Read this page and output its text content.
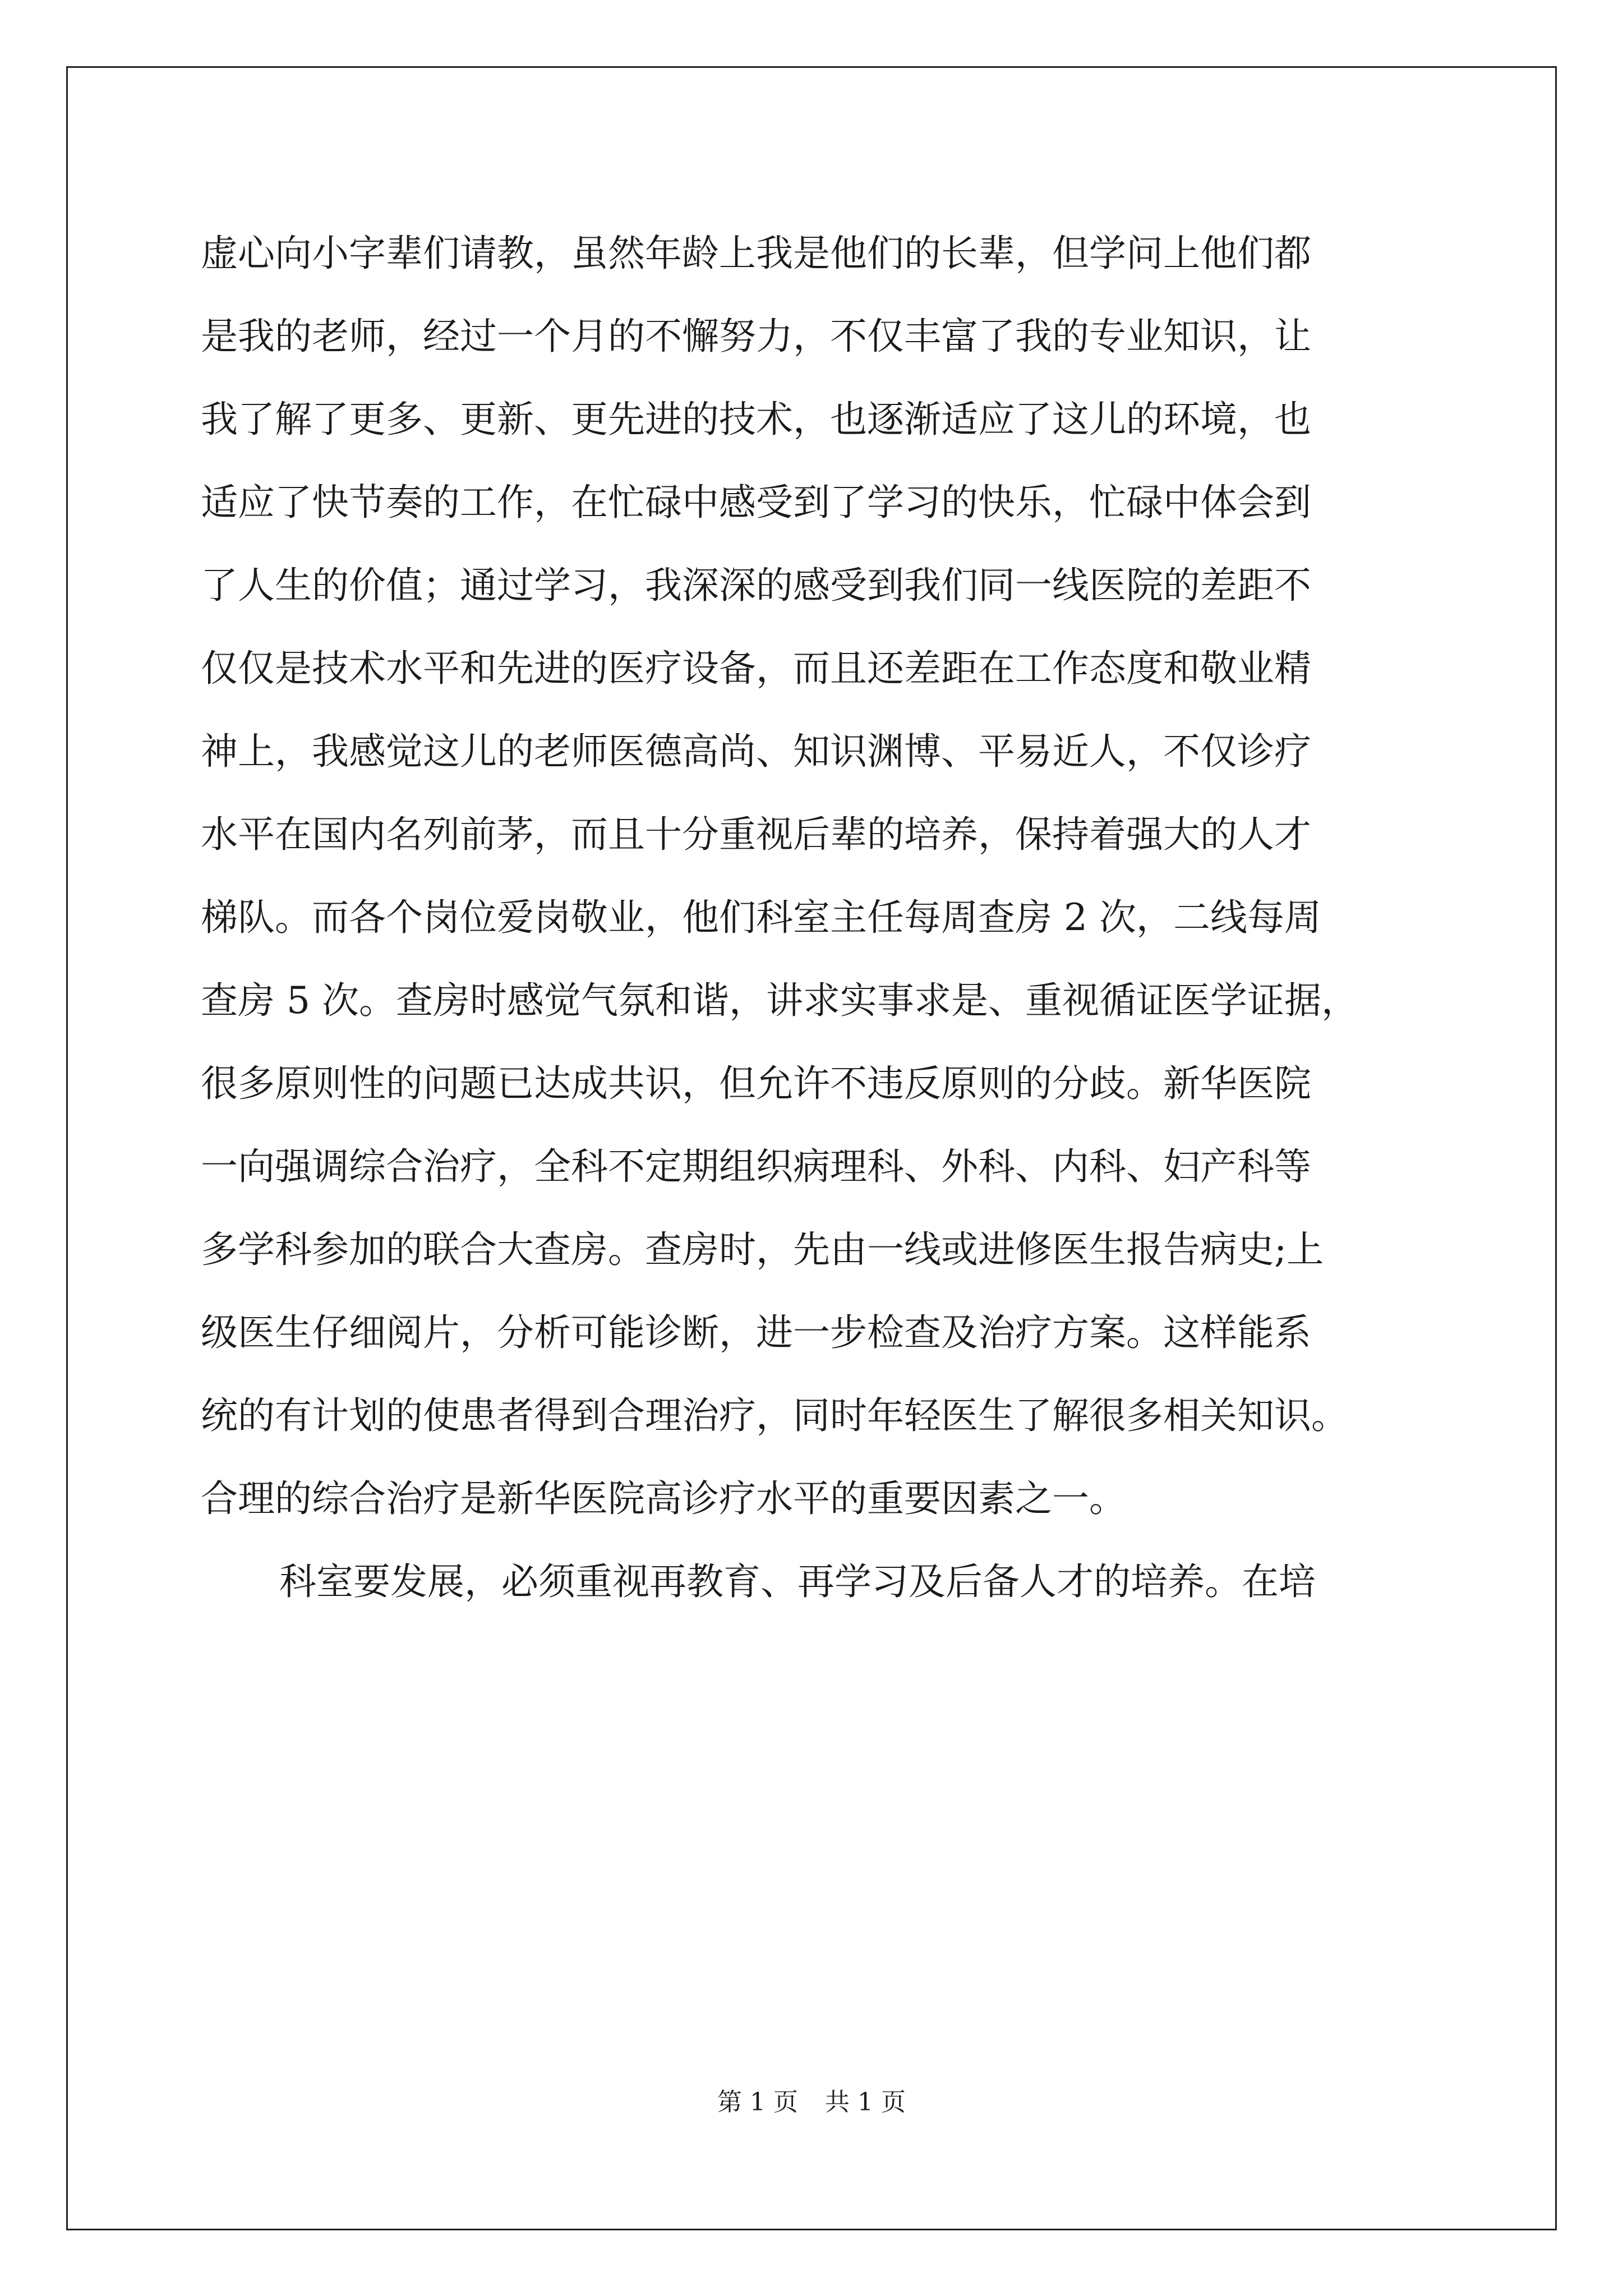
虚心向小字辈们请教，虽然年龄上我是他们的长辈，但学问上他们都
是我的老师，经过一个月的不懈努力，不仅丰富了我的专业知识，让
我了解了更多、更新、更先进的技术，也逐渐适应了这儿的环境，也
适应了快节奏的工作，在忙碌中感受到了学习的快乐，忙碌中体会到
了人生的价值；通过学习，我深深的感受到我们同一线医院的差距不
仅仅是技术水平和先进的医疗设备，而且还差距在工作态度和敬业精
神上，我感觉这儿的老师医德高尚、知识渊博、平易近人，不仅诊疗
水平在国内名列前茅，而且十分重视后辈的培养，保持着强大的人才
梯队。而各个岗位爱岗敬业，他们科室主任每周查房 2 次，二线每周
查房 5 次。查房时感觉气氛和谐，讲求实事求是、重视循证医学证据，
很多原则性的问题已达成共识，但允许不违反原则的分歧。新华医院
一向强调综合治疗，全科不定期组织病理科、外科、内科、妇产科等
多学科参加的联合大查房。查房时，先由一线或进修医生报告病史;上
级医生仔细阅片，分析可能诊断，进一步检查及治疗方案。这样能系
统的有计划的使患者得到合理治疗，同时年轻医生了解很多相关知识。
合理的综合治疗是新华医院高诊疗水平的重要因素之一。
科室要发展，必须重视再教育、再学习及后备人才的培养。在培
第 1 页 共 1 页
